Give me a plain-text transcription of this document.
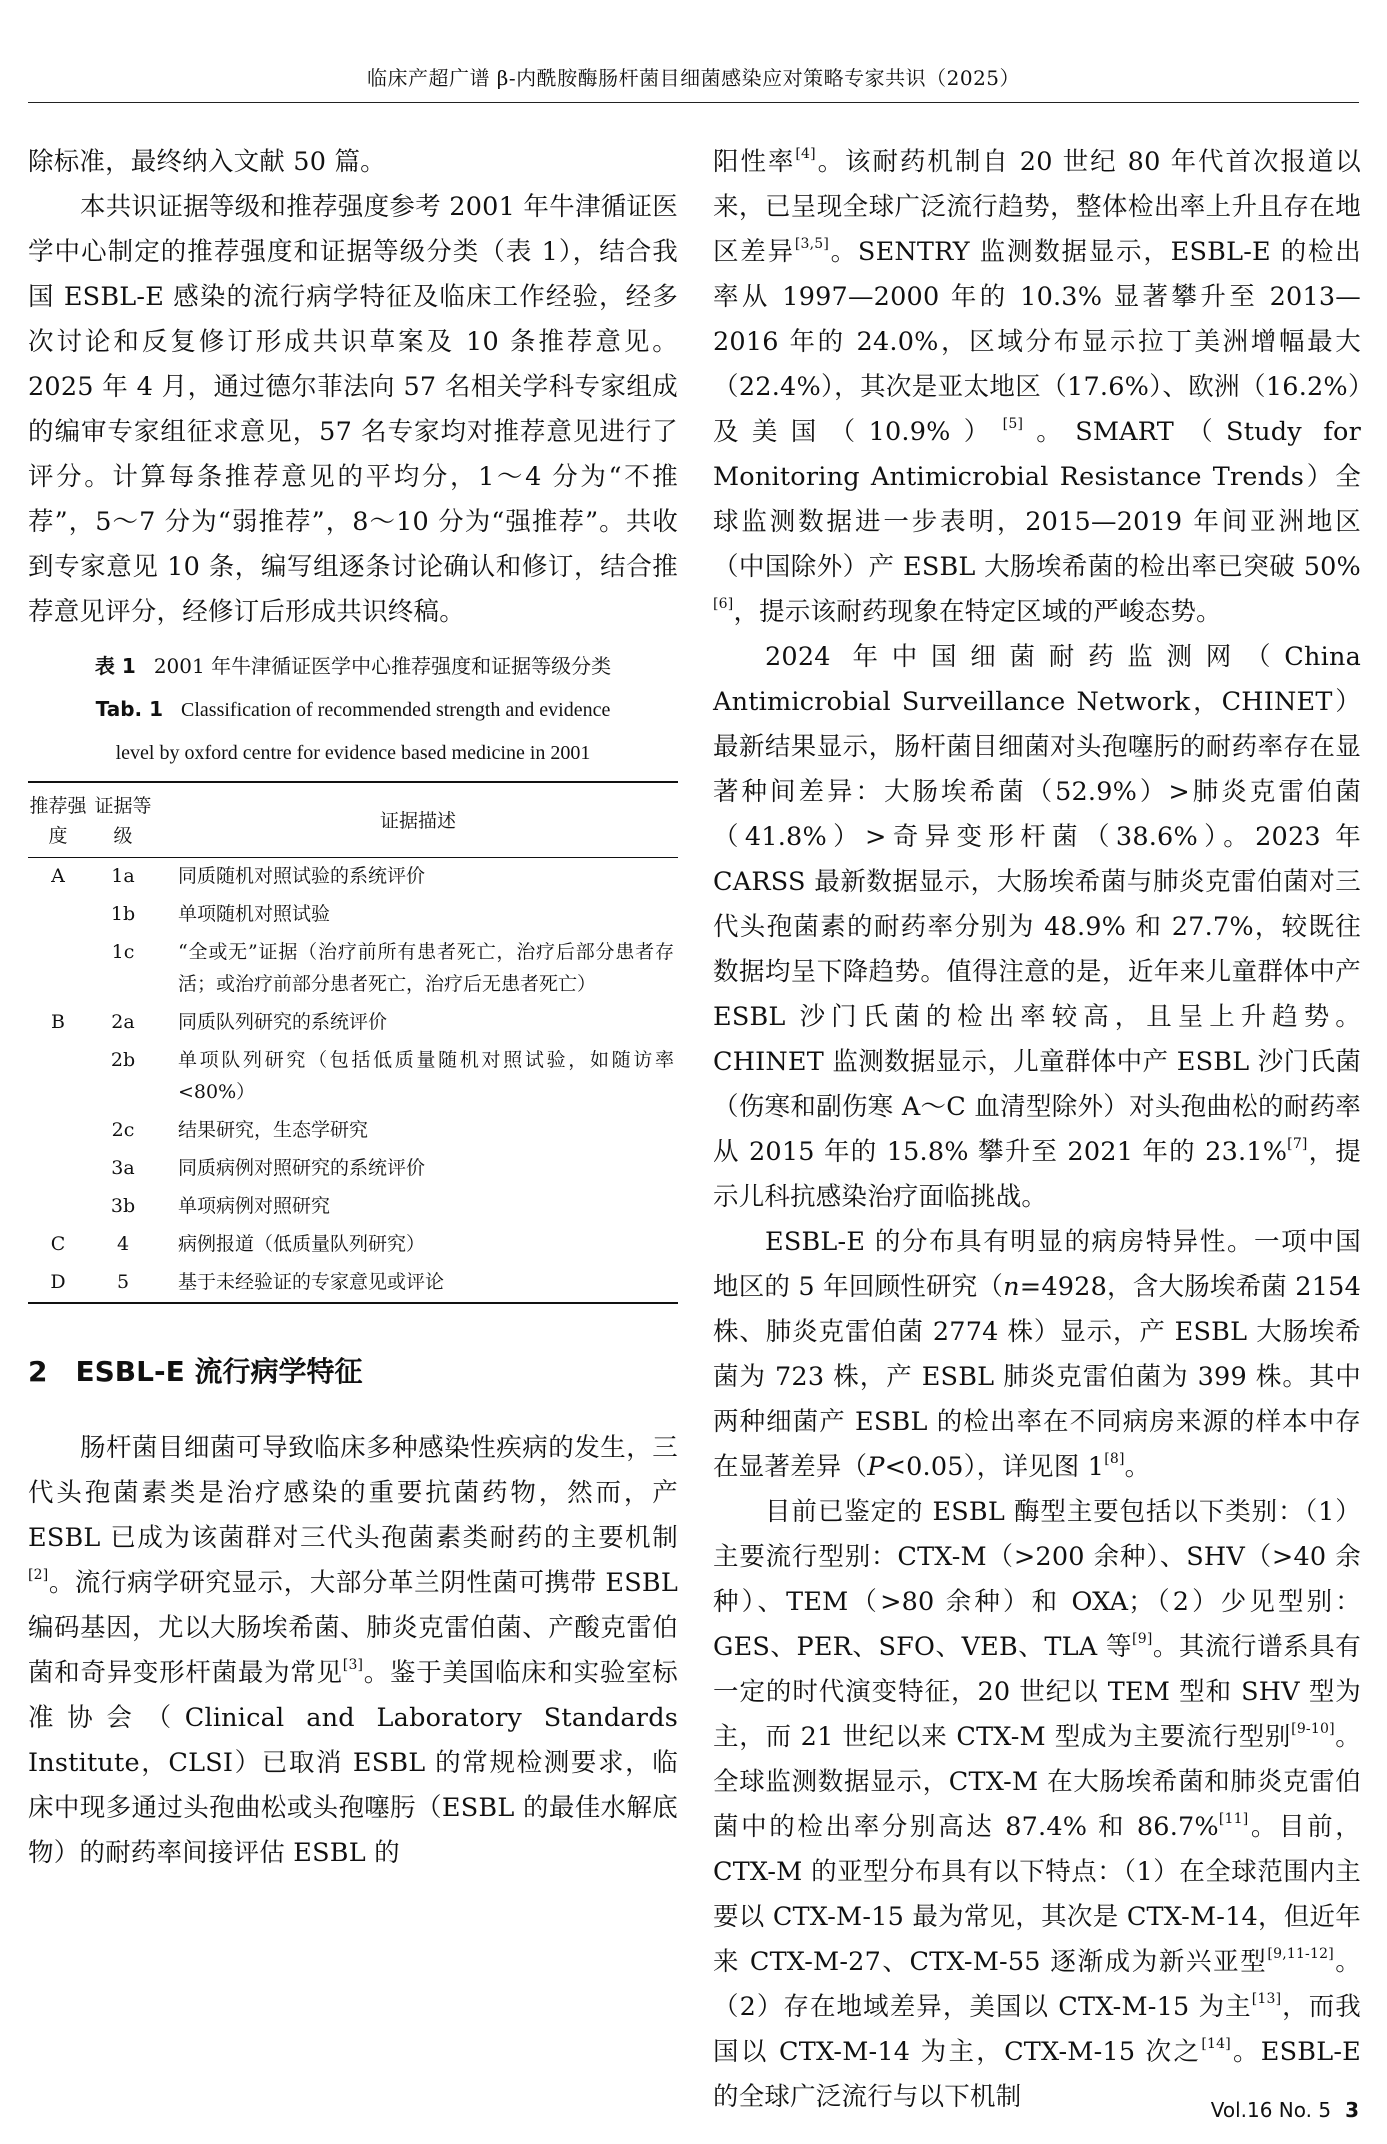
临床产超广谱 β-内酰胺酶肠杆菌目细菌感染应对策略专家共识（2025）

除标准，最终纳入文献 50 篇。

本共识证据等级和推荐强度参考 2001 年牛津循证医学中心制定的推荐强度和证据等级分类（表 1），结合我国 ESBL-E 感染的流行病学特征及临床工作经验，经多次讨论和反复修订形成共识草案及 10 条推荐意见。2025 年 4 月，通过德尔菲法向 57 名相关学科专家组成的编审专家组征求意见，57 名专家均对推荐意见进行了评分。计算每条推荐意见的平均分，1～4 分为“不推荐”，5～7 分为“弱推荐”，8～10 分为“强推荐”。共收到专家意见 10 条，编写组逐条讨论确认和修订，结合推荐意见评分，经修订后形成共识终稿。

表 1 2001 年牛津循证医学中心推荐强度和证据等级分类
Tab. 1 Classification of recommended strength and evidence
level by oxford centre for evidence based medicine in 2001
推荐强度	证据等级	证据描述
A	1a	同质随机对照试验的系统评价
	1b	单项随机对照试验
	1c	“全或无”证据（治疗前所有患者死亡，治疗后部分患者存活；或治疗前部分患者死亡，治疗后无患者死亡）
B	2a	同质队列研究的系统评价
	2b	单项队列研究（包括低质量随机对照试验，如随访率<80%）
	2c	结果研究，生态学研究
	3a	同质病例对照研究的系统评价
	3b	单项病例对照研究
C	4	病例报道（低质量队列研究）
D	5	基于未经验证的专家意见或评论
2 ESBL-E 流行病学特征

肠杆菌目细菌可导致临床多种感染性疾病的发生，三代头孢菌素类是治疗感染的重要抗菌药物，然而，产 ESBL 已成为该菌群对三代头孢菌素类耐药的主要机制[2]。流行病学研究显示，大部分革兰阴性菌可携带 ESBL 编码基因，尤以大肠埃希菌、肺炎克雷伯菌、产酸克雷伯菌和奇异变形杆菌最为常见[3]。鉴于美国临床和实验室标准协会（Clinical and Laboratory Standards Institute，CLSI）已取消 ESBL 的常规检测要求，临床中现多通过头孢曲松或头孢噻肟（ESBL 的最佳水解底物）的耐药率间接评估 ESBL 的

阳性率[4]。该耐药机制自 20 世纪 80 年代首次报道以来，已呈现全球广泛流行趋势，整体检出率上升且存在地区差异[3,5]。SENTRY 监测数据显示，ESBL-E 的检出率从 1997—2000 年的 10.3% 显著攀升至 2013—2016 年的 24.0%，区域分布显示拉丁美洲增幅最大（22.4%），其次是亚太地区（17.6%）、欧洲（16.2%）及美国（10.9%）[5]。SMART（Study for Monitoring Antimicrobial Resistance Trends）全球监测数据进一步表明，2015—2019 年间亚洲地区（中国除外）产 ESBL 大肠埃希菌的检出率已突破 50%[6]，提示该耐药现象在特定区域的严峻态势。

2024 年中国细菌耐药监测网（China Antimicrobial Surveillance Network，CHINET）最新结果显示，肠杆菌目细菌对头孢噻肟的耐药率存在显著种间差异：大肠埃希菌（52.9%）>肺炎克雷伯菌（41.8%）>奇异变形杆菌（38.6%）。2023 年 CARSS 最新数据显示，大肠埃希菌与肺炎克雷伯菌对三代头孢菌素的耐药率分别为 48.9% 和 27.7%，较既往数据均呈下降趋势。值得注意的是，近年来儿童群体中产 ESBL 沙门氏菌的检出率较高，且呈上升趋势。CHINET 监测数据显示，儿童群体中产 ESBL 沙门氏菌（伤寒和副伤寒 A～C 血清型除外）对头孢曲松的耐药率从 2015 年的 15.8% 攀升至 2021 年的 23.1%[7]，提示儿科抗感染治疗面临挑战。

ESBL-E 的分布具有明显的病房特异性。一项中国地区的 5 年回顾性研究（n=4928，含大肠埃希菌 2154 株、肺炎克雷伯菌 2774 株）显示，产 ESBL 大肠埃希菌为 723 株，产 ESBL 肺炎克雷伯菌为 399 株。其中两种细菌产 ESBL 的检出率在不同病房来源的样本中存在显著差异（P<0.05），详见图 1[8]。

目前已鉴定的 ESBL 酶型主要包括以下类别：（1）主要流行型别：CTX-M（>200 余种）、SHV（>40 余种）、TEM（>80 余种）和 OXA；（2）少见型别：GES、PER、SFO、VEB、TLA 等[9]。其流行谱系具有一定的时代演变特征，20 世纪以 TEM 型和 SHV 型为主，而 21 世纪以来 CTX-M 型成为主要流行型别[9-10]。全球监测数据显示，CTX-M 在大肠埃希菌和肺炎克雷伯菌中的检出率分别高达 87.4% 和 86.7%[11]。目前，CTX-M 的亚型分布具有以下特点：（1）在全球范围内主要以 CTX-M-15 最为常见，其次是 CTX-M-14，但近年来 CTX-M-27、CTX-M-55 逐渐成为新兴亚型[9,11-12]。（2）存在地域差异，美国以 CTX-M-15 为主[13]，而我国以 CTX-M-14 为主，CTX-M-15 次之[14]。ESBL-E 的全球广泛流行与以下机制	Vol.16 No. 5 3
